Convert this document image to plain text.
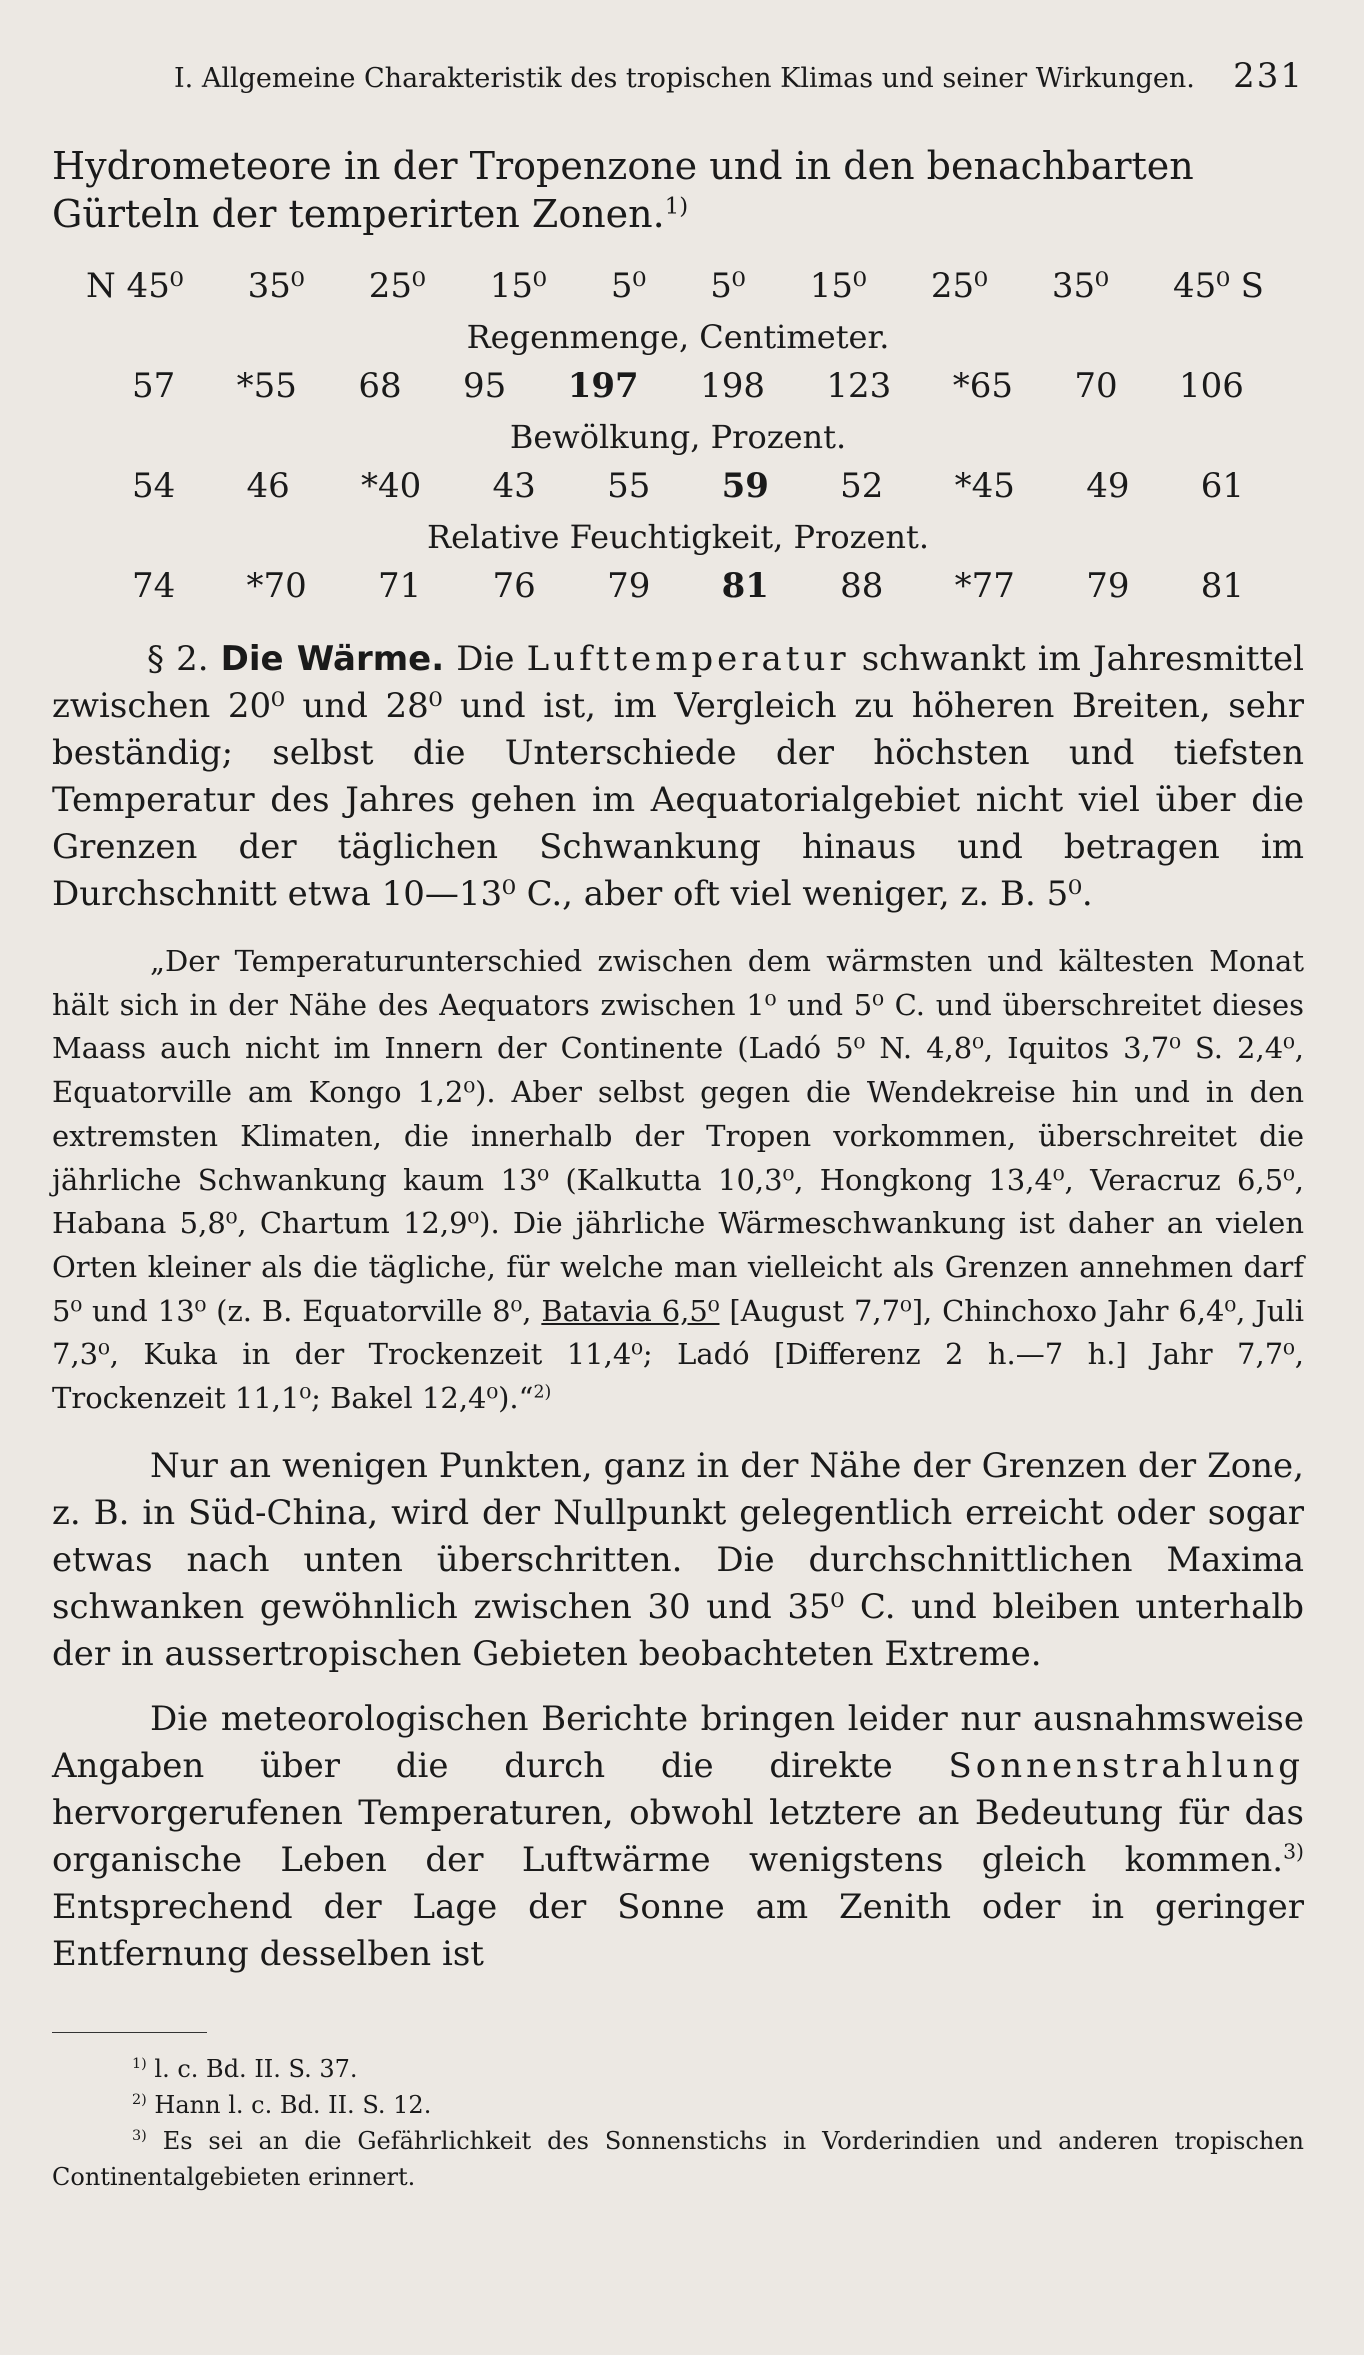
I. Allgemeine Charakteristik des tropischen Klimas und seiner Wirkungen. 231
Hydrometeore in der Tropenzone und in den benachbarten Gürteln der temperirten Zonen.$^{1)}$
N 45⁰ 35⁰ 25⁰ 15⁰ 5⁰ 5⁰ 15⁰ 25⁰ 35⁰ 45⁰ S
Regenmenge, Centimeter.
57 *55 68 95 197 198 123 *65 70 106
Bewölkung, Prozent.
54 46 *40 43 55 59 52 *45 49 61
Relative Feuchtigkeit, Prozent.
74 *70 71 76 79 81 88 *77 79 81
§ 2. Die Wärme. Die Lufttemperatur schwankt im Jahresmittel zwischen 20⁰ und 28⁰ und ist, im Vergleich zu höheren Breiten, sehr beständig; selbst die Unterschiede der höchsten und tiefsten Temperatur des Jahres gehen im Aequatorialgebiet nicht viel über die Grenzen der täglichen Schwankung hinaus und betragen im Durchschnitt etwa 10—13⁰ C., aber oft viel weniger, z. B. 5⁰.
„Der Temperaturunterschied zwischen dem wärmsten und kältesten Monat hält sich in der Nähe des Aequators zwischen 1⁰ und 5⁰ C. und überschreitet dieses Maass auch nicht im Innern der Continente (Ladó 5⁰ N. 4,8⁰, Iquitos 3,7⁰ S. 2,4⁰, Equatorville am Kongo 1,2⁰). Aber selbst gegen die Wendekreise hin und in den extremsten Klimaten, die innerhalb der Tropen vorkommen, überschreitet die jährliche Schwankung kaum 13⁰ (Kalkutta 10,3⁰, Hongkong 13,4⁰, Veracruz 6,5⁰, Habana 5,8⁰, Chartum 12,9⁰). Die jährliche Wärmeschwankung ist daher an vielen Orten kleiner als die tägliche, für welche man vielleicht als Grenzen annehmen darf 5⁰ und 13⁰ (z. B. Equatorville 8⁰, Batavia 6,5⁰ [August 7,7⁰], Chinchoxo Jahr 6,4⁰, Juli 7,3⁰, Kuka in der Trockenzeit 11,4⁰; Ladó [Differenz 2 h.—7 h.] Jahr 7,7⁰, Trockenzeit 11,1⁰; Bakel 12,4⁰).“$^{2)}$
Nur an wenigen Punkten, ganz in der Nähe der Grenzen der Zone, z. B. in Süd-China, wird der Nullpunkt gelegentlich erreicht oder sogar etwas nach unten überschritten. Die durchschnittlichen Maxima schwanken gewöhnlich zwischen 30 und 35⁰ C. und bleiben unterhalb der in aussertropischen Gebieten beobachteten Extreme.
Die meteorologischen Berichte bringen leider nur ausnahmsweise Angaben über die durch die direkte Sonnenstrahlung hervorgerufenen Temperaturen, obwohl letztere an Bedeutung für das organische Leben der Luftwärme wenigstens gleich kommen.$^{3)}$ Entsprechend der Lage der Sonne am Zenith oder in geringer Entfernung desselben ist
$^{1)}$ l. c. Bd. II. S. 37.
$^{2)}$ Hann l. c. Bd. II. S. 12.
$^{3)}$ Es sei an die Gefährlichkeit des Sonnenstichs in Vorderindien und anderen tropischen Continentalgebieten erinnert.
